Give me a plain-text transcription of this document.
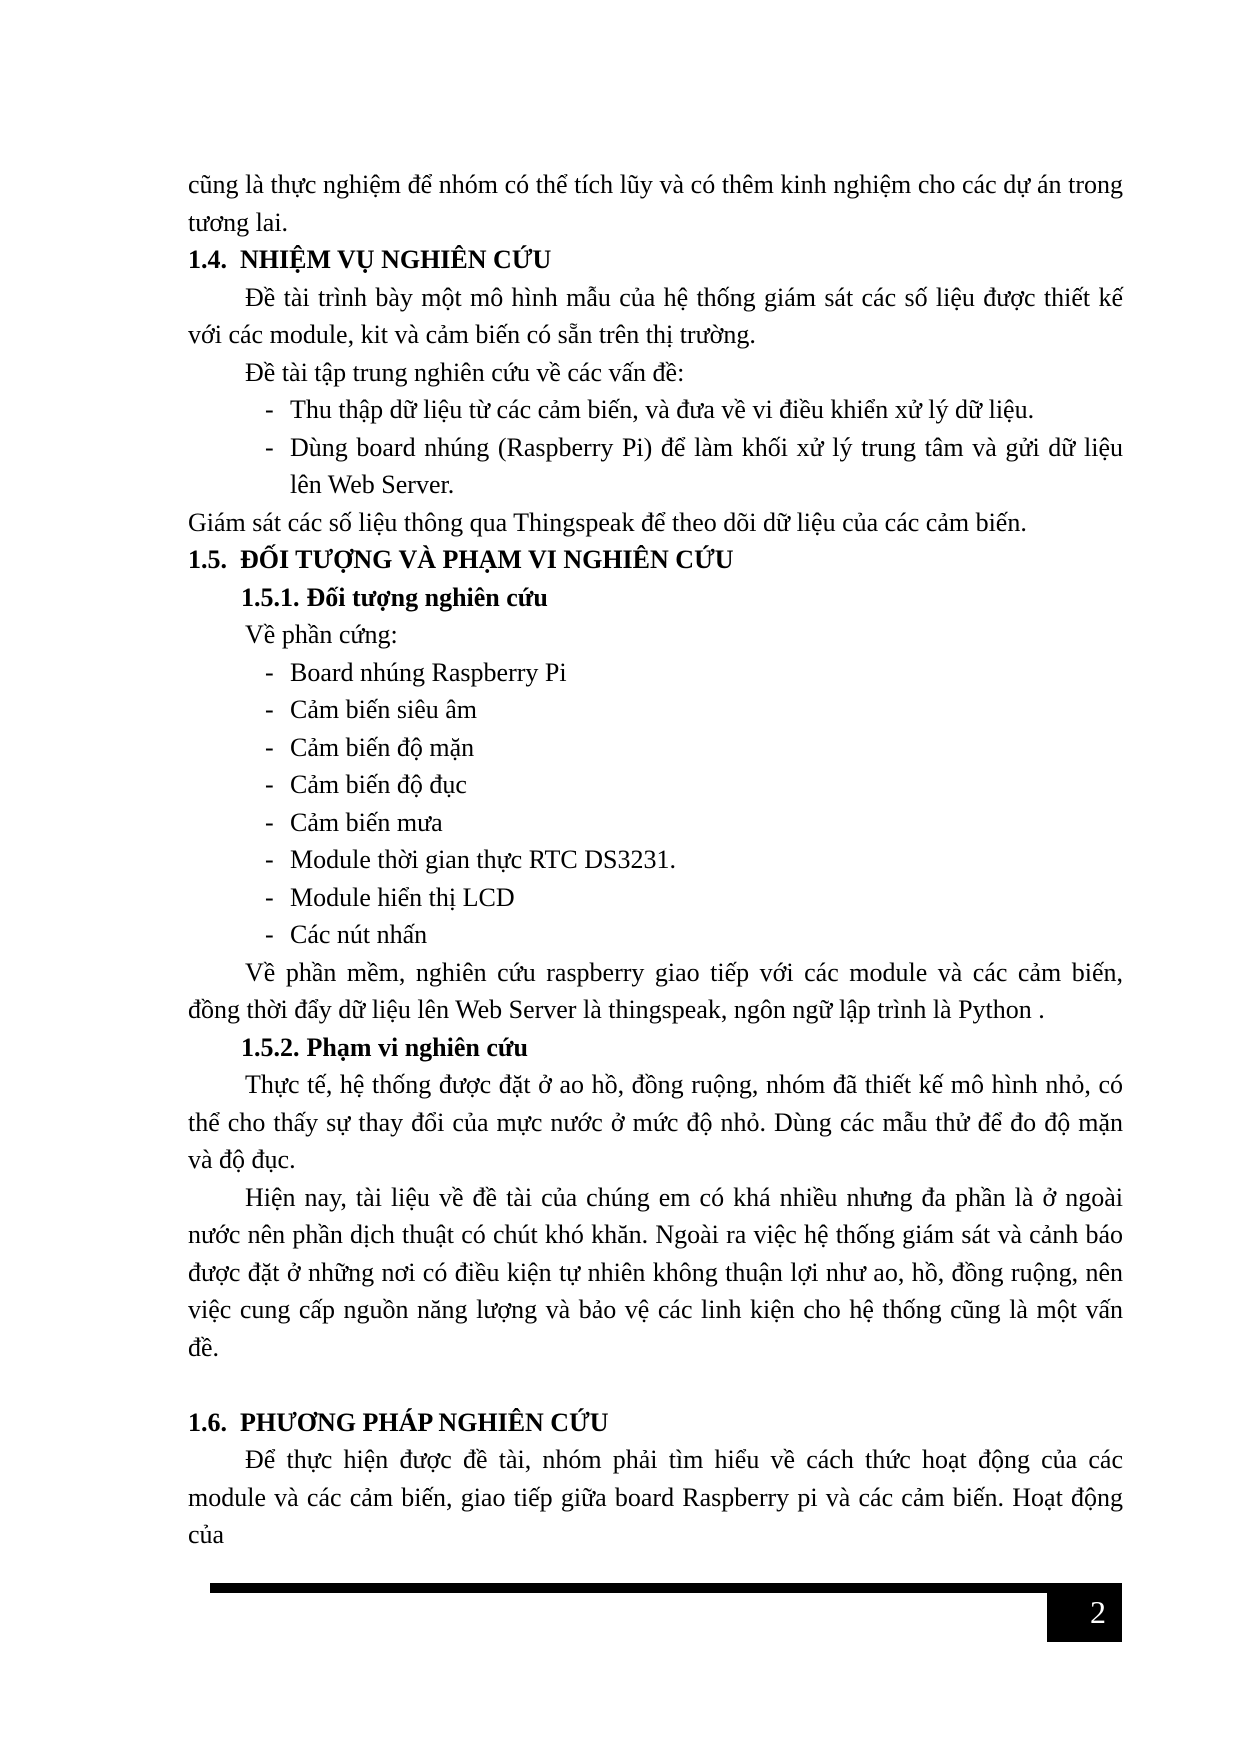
cũng là thực nghiệm để nhóm có thể tích lũy và có thêm kinh nghiệm cho các dự án trong tương lai.

1.4. NHIỆM VỤ NGHIÊN CỨU

Đề tài trình bày một mô hình mẫu của hệ thống giám sát các số liệu được thiết kế với các module, kit và cảm biến có sẵn trên thị trường.

Đề tài tập trung nghiên cứu về các vấn đề:

- Thu thập dữ liệu từ các cảm biến, và đưa về vi điều khiển xử lý dữ liệu.
- Dùng board nhúng (Raspberry Pi) để làm khối xử lý trung tâm và gửi dữ liệu lên Web Server.

Giám sát các số liệu thông qua Thingspeak để theo dõi dữ liệu của các cảm biến.

1.5. ĐỐI TƯỢNG VÀ PHẠM VI NGHIÊN CỨU
1.5.1. Đối tượng nghiên cứu

Về phần cứng:

- Board nhúng Raspberry Pi
- Cảm biến siêu âm
- Cảm biến độ mặn
- Cảm biến độ đục
- Cảm biến mưa
- Module thời gian thực RTC DS3231.
- Module hiển thị LCD
- Các nút nhấn

Về phần mềm, nghiên cứu raspberry giao tiếp với các module và các cảm biến, đồng thời đẩy dữ liệu lên Web Server là thingspeak, ngôn ngữ lập trình là Python .

1.5.2. Phạm vi nghiên cứu

Thực tế, hệ thống được đặt ở ao hồ, đồng ruộng, nhóm đã thiết kế mô hình nhỏ, có thể cho thấy sự thay đổi của mực nước ở mức độ nhỏ. Dùng các mẫu thử để đo độ mặn và độ đục.

Hiện nay, tài liệu về đề tài của chúng em có khá nhiều nhưng đa phần là ở ngoài nước nên phần dịch thuật có chút khó khăn. Ngoài ra việc hệ thống giám sát và cảnh báo được đặt ở những nơi có điều kiện tự nhiên không thuận lợi như ao, hồ, đồng ruộng, nên việc cung cấp nguồn năng lượng và bảo vệ các linh kiện cho hệ thống cũng là một vấn đề.

1.6. PHƯƠNG PHÁP NGHIÊN CỨU

Để thực hiện được đề tài, nhóm phải tìm hiểu về cách thức hoạt động của các module và các cảm biến, giao tiếp giữa board Raspberry pi và các cảm biến. Hoạt động của

2
